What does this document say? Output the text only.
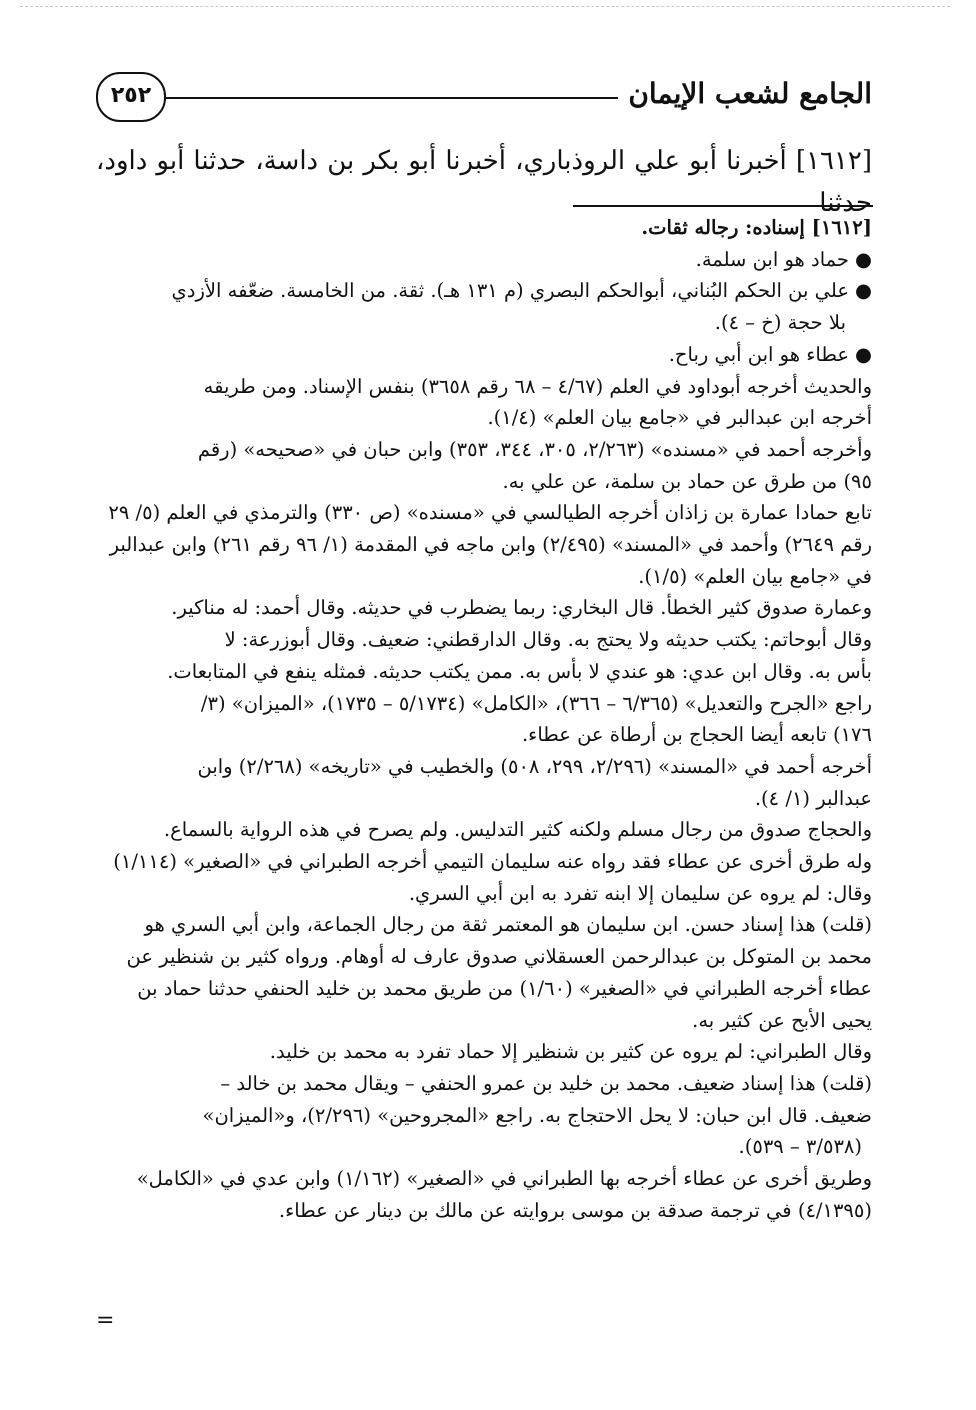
٢٥٢	الجامع لشعب الإيمان
[١٦١٢] أخبرنا أبو علي الروذباري، أخبرنا أبو بكر بن داسة، حدثنا أبو داود، حدثنا
[١٦١٢] إسناده: رجاله ثقات.
●حماد هو ابن سلمة.
●علي بن الحكم البُناني، أبوالحكم البصري (م ١٣١ هـ). ثقة. من الخامسة. ضعّفه الأزدي
بلا حجة (خ – ٤).
●عطاء هو ابن أبي رباح.
والحديث أخرجه أبوداود في العلم (٤/٦٧ – ٦٨ رقم ٣٦٥٨) بنفس الإسناد. ومن طريقه
أخرجه ابن عبدالبر في «جامع بيان العلم» (١/٤).
وأخرجه أحمد في «مسنده» (٢/٢٦٣، ٣٠٥، ٣٤٤، ٣٥٣) وابن حبان في «صحيحه» (رقم
٩٥) من طرق عن حماد بن سلمة، عن علي به.
تابع حمادا عمارة بن زاذان أخرجه الطيالسي في «مسنده» (ص ٣٣٠) والترمذي في العلم (٥/ ٢٩
رقم ٢٦٤٩) وأحمد في «المسند» (٢/٤٩٥) وابن ماجه في المقدمة (١/ ٩٦ رقم ٢٦١) وابن عبدالبر
في «جامع بيان العلم» (١/٥).
وعمارة صدوق كثير الخطأ. قال البخاري: ربما يضطرب في حديثه. وقال أحمد: له مناكير.
وقال أبوحاتم: يكتب حديثه ولا يحتج به. وقال الدارقطني: ضعيف. وقال أبوزرعة: لا
بأس به. وقال ابن عدي: هو عندي لا بأس به. ممن يكتب حديثه. فمثله ينفع في المتابعات.
راجع «الجرح والتعديل» (٦/٣٦٥ – ٣٦٦)، «الكامل» (٥/١٧٣٤ – ١٧٣٥)، «الميزان» (٣/
١٧٦) تابعه أيضا الحجاج بن أرطاة عن عطاء.
أخرجه أحمد في «المسند» (٢/٢٩٦، ٢٩٩، ٥٠٨) والخطيب في «تاريخه» (٢/٢٦٨) وابن
عبدالبر (١/ ٤).
والحجاج صدوق من رجال مسلم ولكنه كثير التدليس. ولم يصرح في هذه الرواية بالسماع.
وله طرق أخرى عن عطاء فقد رواه عنه سليمان التيمي أخرجه الطبراني في «الصغير» (١/١١٤)
وقال: لم يروه عن سليمان إلا ابنه تفرد به ابن أبي السري.
(قلت) هذا إسناد حسن. ابن سليمان هو المعتمر ثقة من رجال الجماعة، وابن أبي السري هو
محمد بن المتوكل بن عبدالرحمن العسقلاني صدوق عارف له أوهام. ورواه كثير بن شنظير عن
عطاء أخرجه الطبراني في «الصغير» (١/٦٠) من طريق محمد بن خليد الحنفي حدثنا حماد بن
يحيى الأبح عن كثير به.
وقال الطبراني: لم يروه عن كثير بن شنظير إلا حماد تفرد به محمد بن خليد.
(قلت) هذا إسناد ضعيف. محمد بن خليد بن عمرو الحنفي – ويقال محمد بن خالد –
ضعيف. قال ابن حبان: لا يحل الاحتجاج به. راجع «المجروحين» (٢/٢٩٦)، و«الميزان»
(٣/٥٣٨ – ٥٣٩).
وطريق أخرى عن عطاء أخرجه بها الطبراني في «الصغير» (١/١٦٢) وابن عدي في «الكامل»
(٤/١٣٩٥) في ترجمة صدقة بن موسى بروايته عن مالك بن دينار عن عطاء.
=
